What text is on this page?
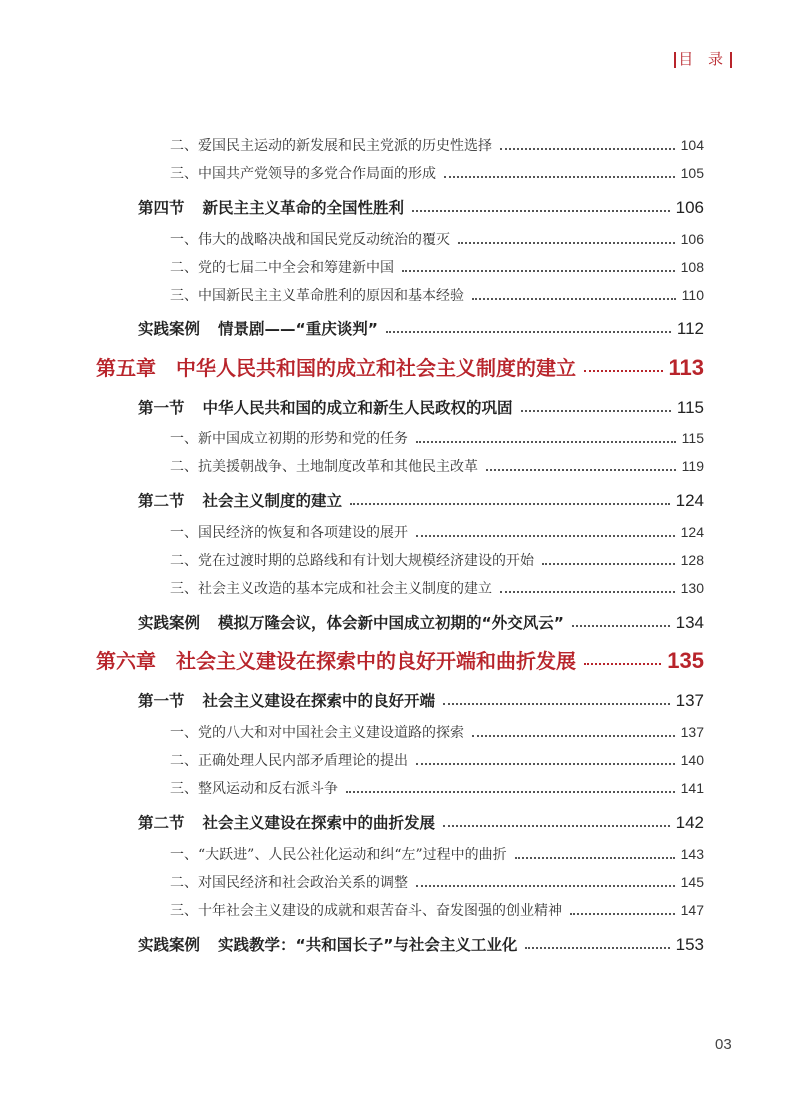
目 录
二、爱国民主运动的新发展和民主党派的历史性选择	104
三、中国共产党领导的多党合作局面的形成	105
第四节 新民主主义革命的全国性胜利	106
一、伟大的战略决战和国民党反动统治的覆灭	106
二、党的七届二中全会和筹建新中国	108
三、中国新民主主义革命胜利的原因和基本经验	110
实践案例 情景剧——“重庆谈判”	112
第五章 中华人民共和国的成立和社会主义制度的建立	113
第一节 中华人民共和国的成立和新生人民政权的巩固	115
一、新中国成立初期的形势和党的任务	115
二、抗美援朝战争、土地制度改革和其他民主改革	119
第二节 社会主义制度的建立	124
一、国民经济的恢复和各项建设的展开	124
二、党在过渡时期的总路线和有计划大规模经济建设的开始	128
三、社会主义改造的基本完成和社会主义制度的建立	130
实践案例 模拟万隆会议，体会新中国成立初期的“外交风云”	134
第六章 社会主义建设在探索中的良好开端和曲折发展	135
第一节 社会主义建设在探索中的良好开端	137
一、党的八大和对中国社会主义建设道路的探索	137
二、正确处理人民内部矛盾理论的提出	140
三、整风运动和反右派斗争	141
第二节 社会主义建设在探索中的曲折发展	142
一、“大跃进”、人民公社化运动和纠“左”过程中的曲折	143
二、对国民经济和社会政治关系的调整	145
三、十年社会主义建设的成就和艰苦奋斗、奋发图强的创业精神	147
实践案例 实践教学：“共和国长子”与社会主义工业化	153
03
